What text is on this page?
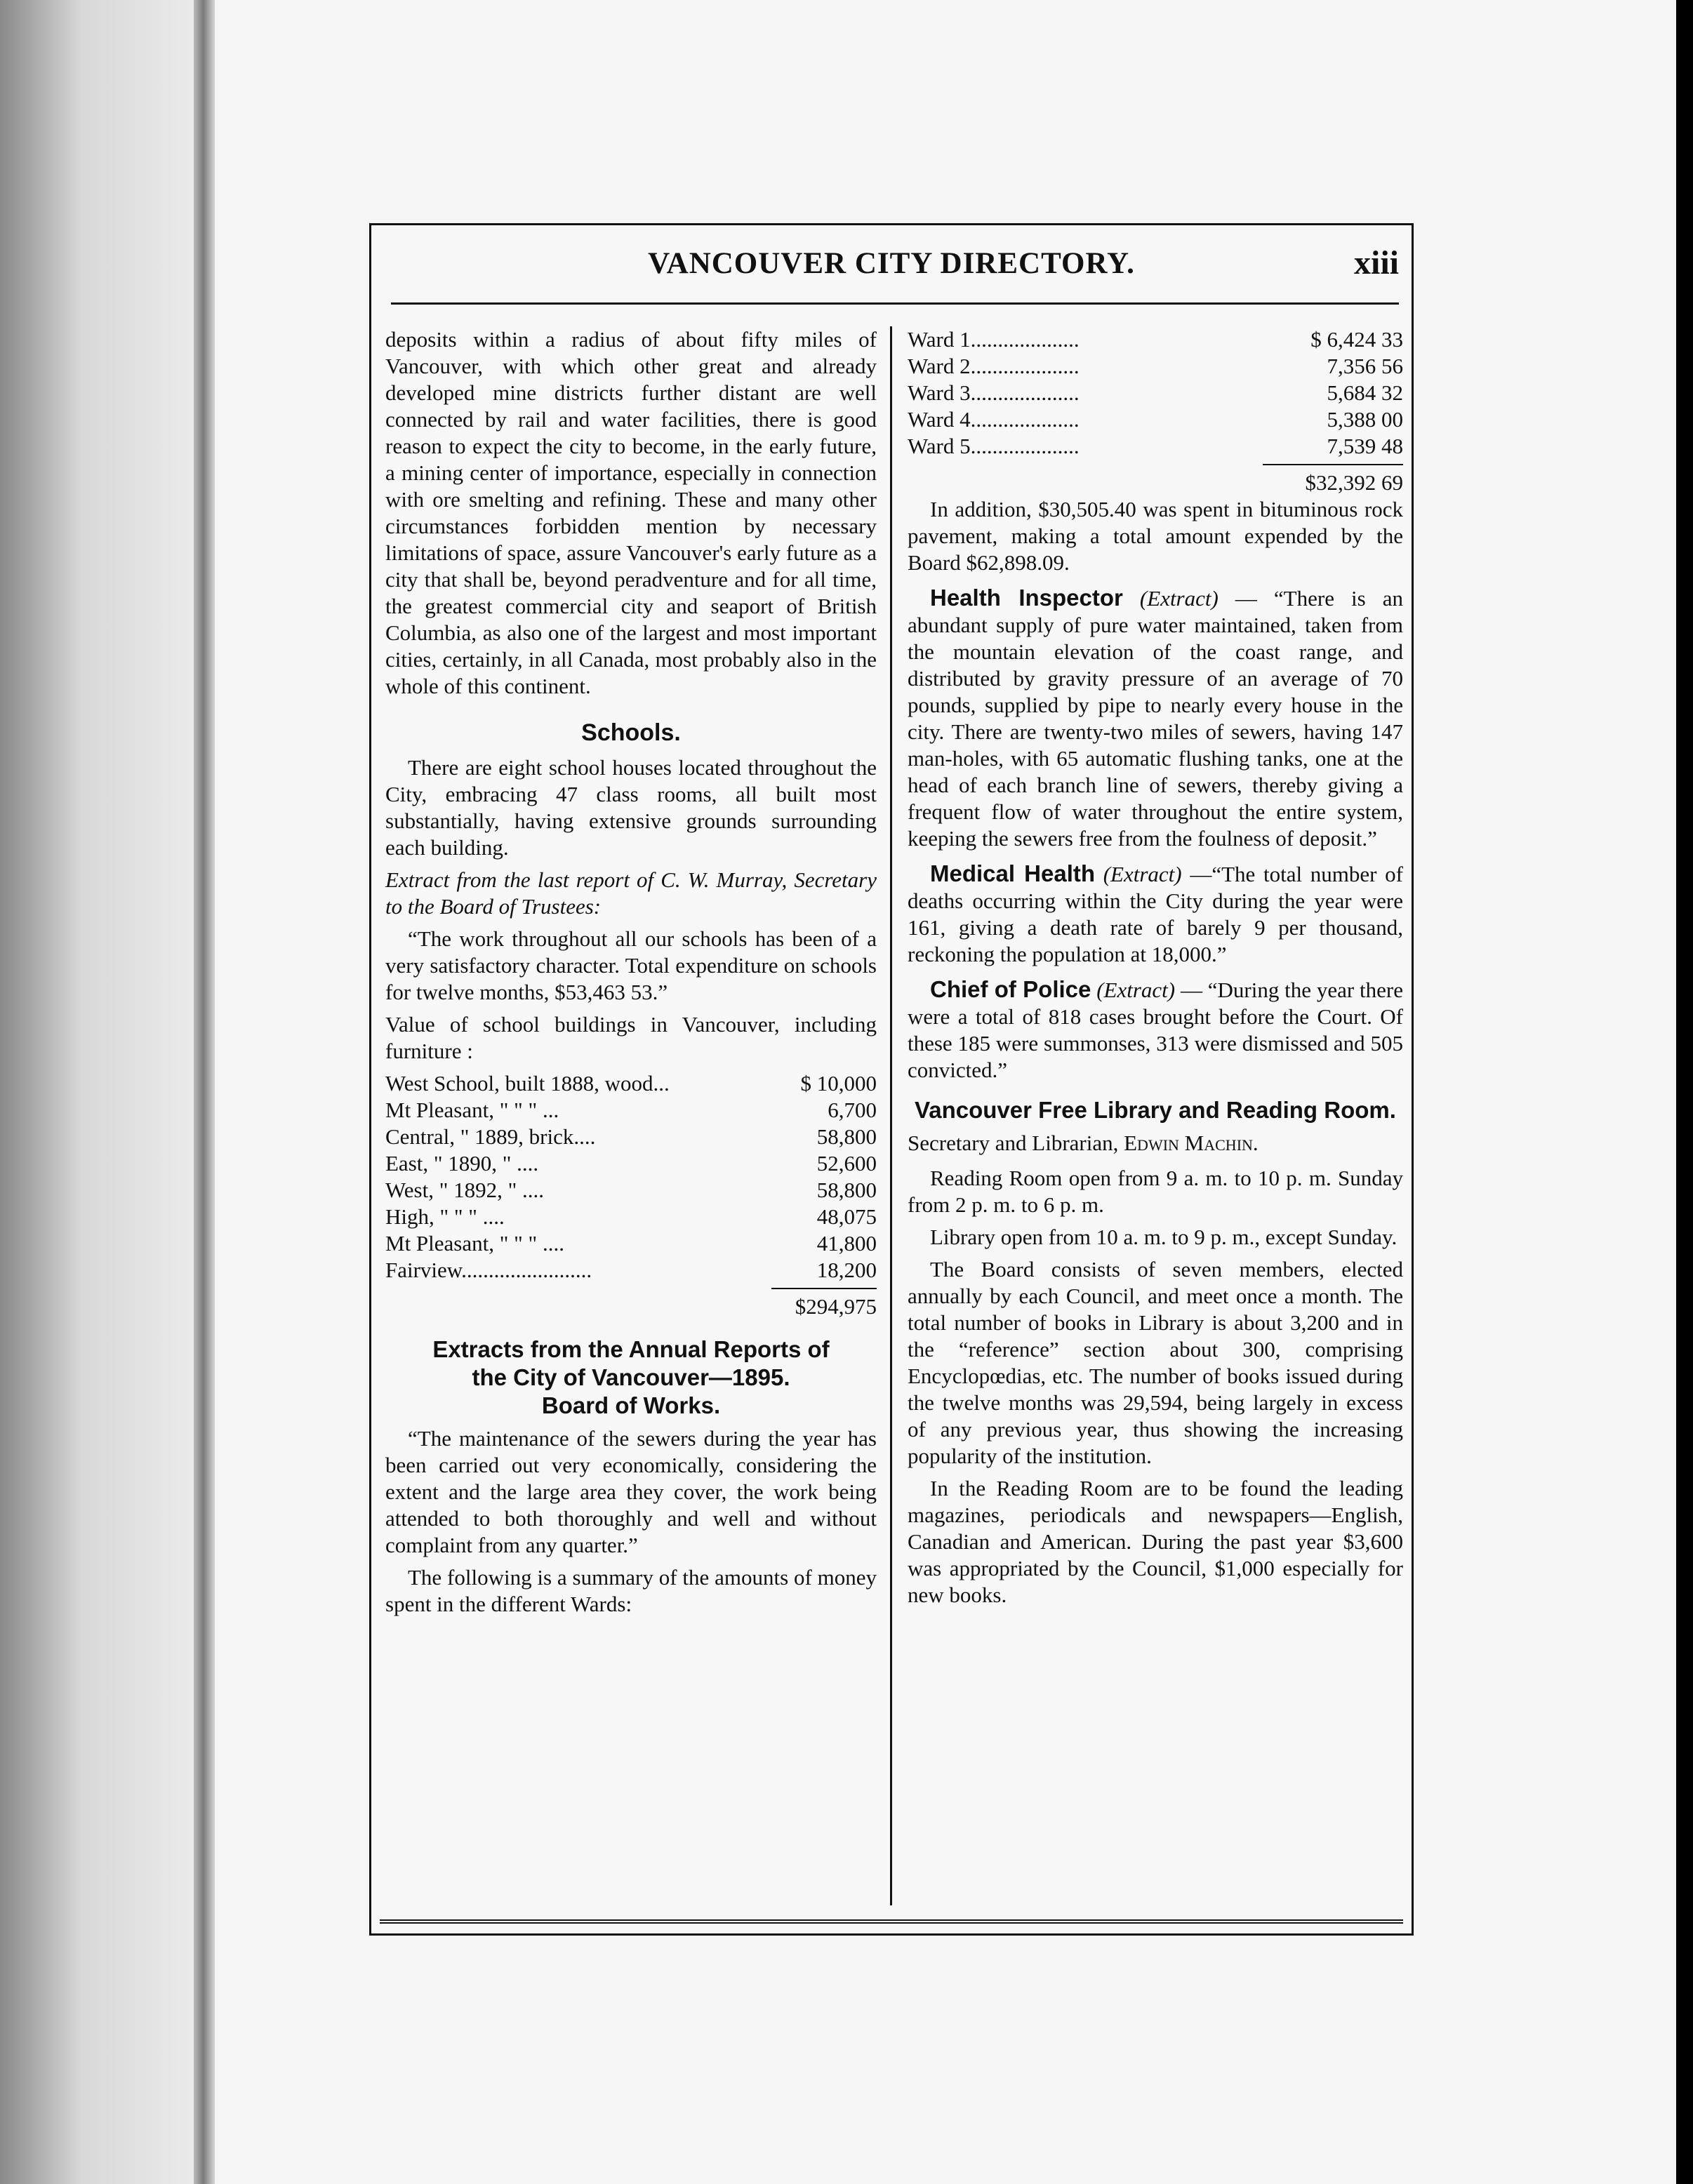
VANCOUVER CITY DIRECTORY.	xiii

deposits within a radius of about fifty miles of Vancouver, with which other great and already developed mine districts further distant are well connected by rail and water facilities, there is good reason to expect the city to become, in the early future, a mining center of importance, especially in connection with ore smelting and refining. These and many other circumstances forbidden mention by necessary limitations of space, assure Vancouver's early future as a city that shall be, beyond peradventure and for all time, the greatest commercial city and seaport of British Columbia, as also one of the largest and most important cities, certainly, in all Canada, most probably also in the whole of this continent.

Schools.

There are eight school houses located throughout the City, embracing 47 class rooms, all built most substantially, having extensive grounds surrounding each building.

Extract from the last report of C. W. Murray, Secretary to the Board of Trustees:

“The work throughout all our schools has been of a very satisfactory character. Total expenditure on schools for twelve months, $53,463 53.”

Value of school buildings in Vancouver, including furniture :

West School, built 1888, wood...	$ 10,000
Mt Pleasant, " " " ...	6,700
Central, " 1889, brick....	58,800
East, " 1890, " ....	52,600
West, " 1892, " ....	58,800
High, " " " ....	48,075
Mt Pleasant, " " " ....	41,800
Fairview........................	18,200
$294,975
Extracts from the Annual Reports of
the City of Vancouver—1895.
Board of Works.

“The maintenance of the sewers during the year has been carried out very economically, considering the extent and the large area they cover, the work being attended to both thoroughly and well and without complaint from any quarter.”

The following is a summary of the amounts of money spent in the different Wards:

Ward 1....................	$ 6,424 33
Ward 2....................	7,356 56
Ward 3....................	5,684 32
Ward 4....................	5,388 00
Ward 5....................	7,539 48
$32,392 69

In addition, $30,505.40 was spent in bituminous rock pavement, making a total amount expended by the Board $62,898.09.

Health Inspector (Extract) — “There is an abundant supply of pure water maintained, taken from the mountain elevation of the coast range, and distributed by gravity pressure of an average of 70 pounds, supplied by pipe to nearly every house in the city. There are twenty-two miles of sewers, having 147 man-holes, with 65 automatic flushing tanks, one at the head of each branch line of sewers, thereby giving a frequent flow of water throughout the entire system, keeping the sewers free from the foulness of deposit.”

Medical Health (Extract) —“The total number of deaths occurring within the City during the year were 161, giving a death rate of barely 9 per thousand, reckoning the population at 18,000.”

Chief of Police (Extract) — “During the year there were a total of 818 cases brought before the Court. Of these 185 were summonses, 313 were dismissed and 505 convicted.”

Vancouver Free Library and Reading Room.

Secretary and Librarian, Edwin Machin.

Reading Room open from 9 a. m. to 10 p. m. Sunday from 2 p. m. to 6 p. m.

Library open from 10 a. m. to 9 p. m., except Sunday.

The Board consists of seven members, elected annually by each Council, and meet once a month. The total number of books in Library is about 3,200 and in the “reference” section about 300, comprising Encyclopœdias, etc. The number of books issued during the twelve months was 29,594, being largely in excess of any previous year, thus showing the increasing popularity of the institution.

In the Reading Room are to be found the leading magazines, periodicals and newspapers—English, Canadian and American. During the past year $3,600 was appropriated by the Council, $1,000 especially for new books.
